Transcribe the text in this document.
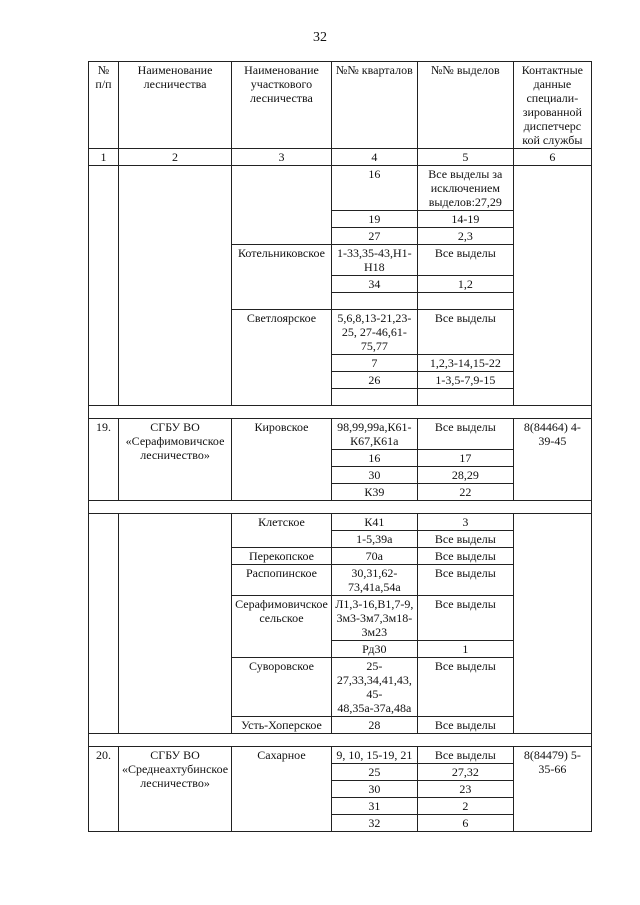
32
№ п/п	Наименование лесничества	Наименование участкового лесничества	№№ кварталов	№№ выделов	Контактные данные специали-зированной диспетчерс кой службы
1	2	3	4	5	6
			16	Все выделы за исключением выделов:27,29	
			19	14-19	
			27	2,3	
		Котельниковское	1-33,35-43,Н1-Н18	Все выделы	
			34	1,2	

		Светлоярское	5,6,8,13-21,23-25, 27-46,61-75,77	Все выделы	
			7	1,2,3-14,15-22	
			26	1-3,5-7,9-15	

19.	СГБУ ВО «Серафимовичское лесничество»	Кировское	98,99,99а,К61-К67,К61а	Все выделы	8(84464) 4-39-45
			16	17	
			30	28,29	
			К39	22	

		Клетское	К41	3	
			1-5,39а	Все выделы	
		Перекопское	70а	Все выделы	
		Распопинское	30,31,62-73,41а,54а	Все выделы	
		Серафимовичское сельское	Л1,3-16,В1,7-9, 3м3-3м7,3м18-3м23	Все выделы	
			Рд30	1	
		Суворовское	25-27,33,34,41,43, 45-48,35а-37а,48а	Все выделы	
		Усть-Хоперское	28	Все выделы	

20.	СГБУ ВО «Среднеахтубинское лесничество»	Сахарное	9, 10, 15-19, 21	Все выделы	8(84479) 5-35-66
			25	27,32	
			30	23	
			31	2	
			32	6	
